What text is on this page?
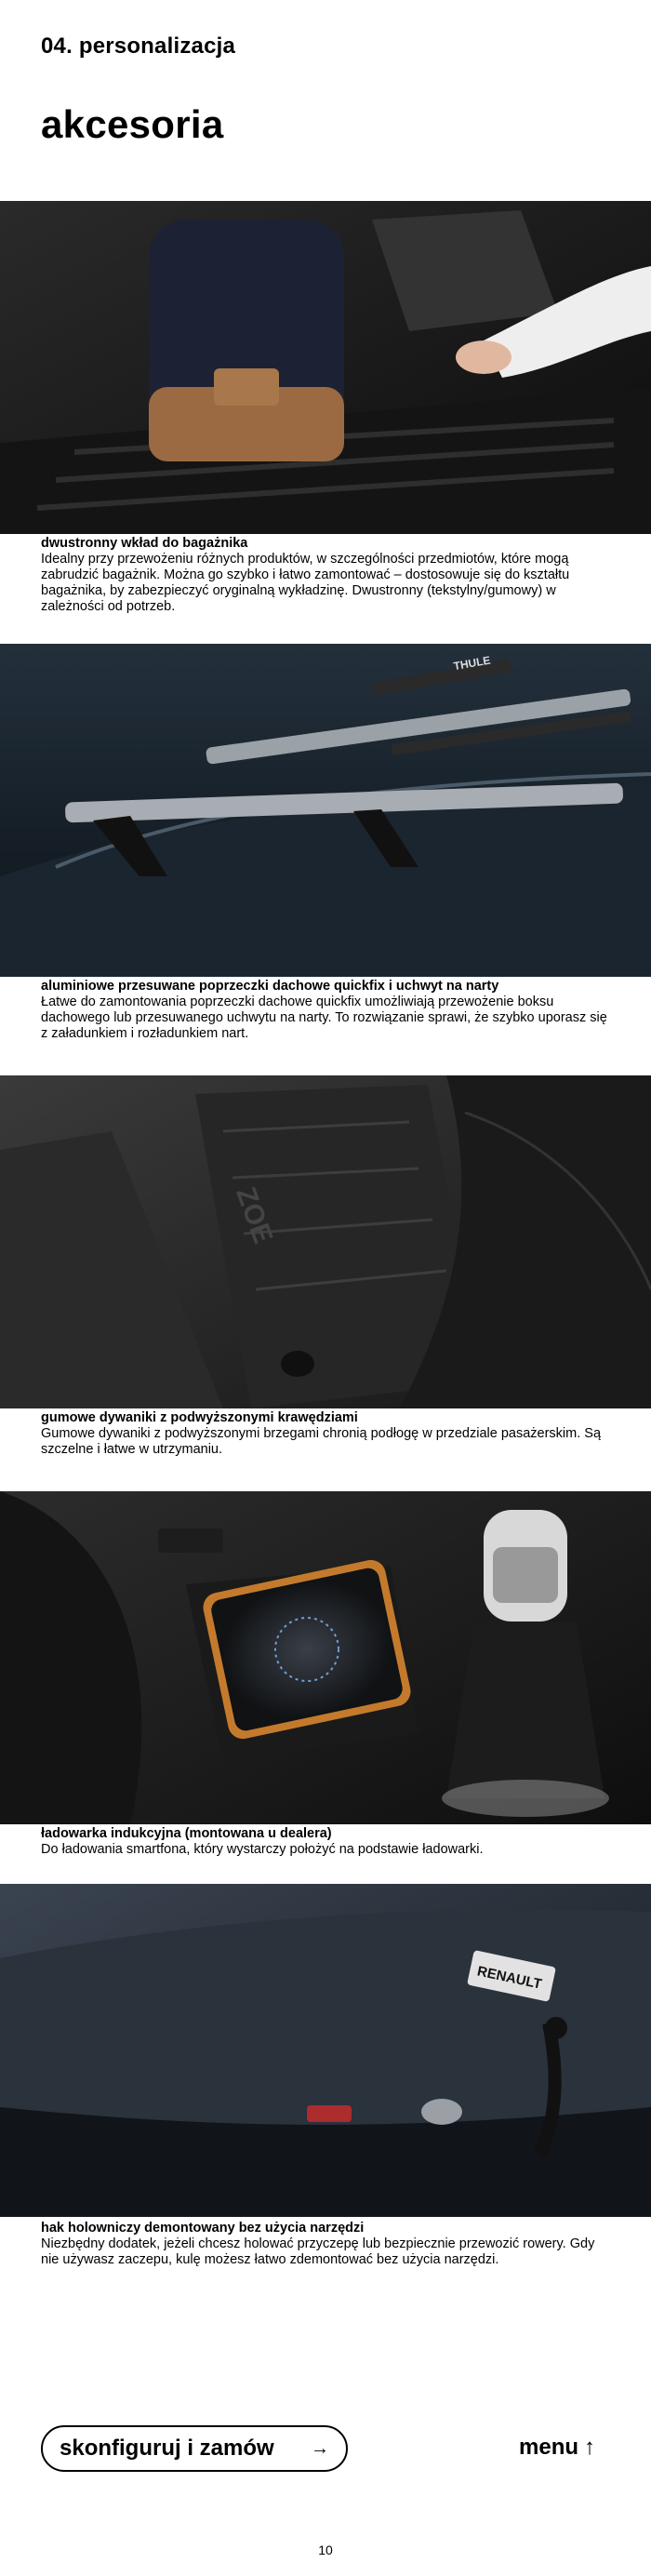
04. personalizacja
akcesoria
dwustronny wkład do bagażnika
Idealny przy przewożeniu różnych produktów, w szczególności przedmiotów, które mogą zabrudzić bagażnik. Można go szybko i łatwo zamontować – dostosowuje się do kształtu bagażnika, by zabezpieczyć oryginalną wykładzinę. Dwustronny (tekstylny/gumowy) w zależności od potrzeb.
THULE
aluminiowe przesuwane poprzeczki dachowe quickfix i uchwyt na narty
Łatwe do zamontowania poprzeczki dachowe quickfix umożliwiają przewożenie boksu dachowego lub przesuwanego uchwytu na narty. To rozwiązanie sprawi, że szybko uporasz się z załadunkiem i rozładunkiem nart.
ZOE
gumowe dywaniki z podwyższonymi krawędziami
Gumowe dywaniki z podwyższonymi brzegami chronią podłogę w przedziale pasażerskim. Są szczelne i łatwe w utrzymaniu.
ładowarka indukcyjna (montowana u dealera)
Do ładowania smartfona, który wystarczy położyć na podstawie ładowarki.
RENAULT
hak holowniczy demontowany bez użycia narzędzi
Niezbędny dodatek, jeżeli chcesz holować przyczepę lub bezpiecznie przewozić rowery. Gdy nie używasz zaczepu, kulę możesz łatwo zdemontować bez użycia narzędzi.
skonfiguruj i zamów →	menu ↑
10
